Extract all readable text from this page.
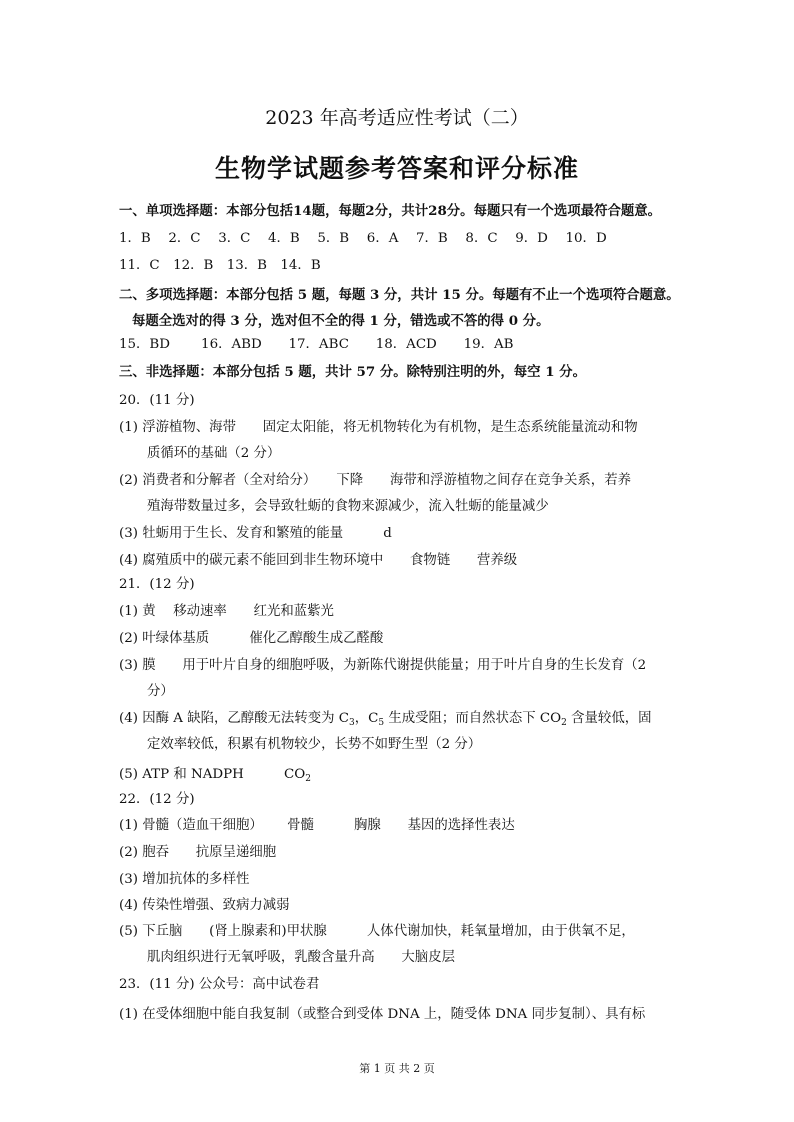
2023 年高考适应性考试（二）
生物学试题参考答案和评分标准
一、单项选择题：本部分包括14题，每题2分，共计28分。每题只有一个选项最符合题意。
1．B　 2．C　 3．C　 4．B　 5．B　 6．A　 7．B　 8．C　 9．D　 10．D
11．C　12．B　13．B　14．B
二、多项选择题：本部分包括 5 题，每题 3 分，共计 15 分。每题有不止一个选项符合题意。
每题全选对的得 3 分，选对但不全的得 1 分，错选或不答的得 0 分。
15．BD　　 16．ABD　　17．ABC　　18．ACD　　19．AB
三、非选择题：本部分包括 5 题，共计 57 分。除特别注明的外，每空 1 分。
20．(11 分)
(1) 浮游植物、海带　　固定太阳能，将无机物转化为有机物，是生态系统能量流动和物
质循环的基础（2 分）
(2) 消费者和分解者（全对给分）　　下降　　海带和浮游植物之间存在竞争关系，若养
殖海带数量过多，会导致牡蛎的食物来源减少，流入牡蛎的能量减少
(3) 牡蛎用于生长、发育和繁殖的能量　　　d
(4) 腐殖质中的碳元素不能回到非生物环境中　　食物链　　营养级
21．(12 分)
(1) 黄　 移动速率　　红光和蓝紫光
(2) 叶绿体基质　　　催化乙醇酸生成乙醛酸
(3) 膜　　用于叶片自身的细胞呼吸，为新陈代谢提供能量；用于叶片自身的生长发育（2
分）
(4) 因酶 A 缺陷，乙醇酸无法转变为 $C_3$，$C_5$ 生成受阻；而自然状态下 $CO_2$ 含量较低，固
定效率较低，积累有机物较少，长势不如野生型（2 分）
(5) ATP 和 NADPH　　　$CO_2$
22．(12 分)
(1) 骨髓（造血干细胞）　　 骨髓　　　胸腺　　基因的选择性表达
(2) 胞吞　　抗原呈递细胞
(3) 增加抗体的多样性
(4) 传染性增强、致病力减弱
(5) 下丘脑　　(肾上腺素和)甲状腺　　　人体代谢加快，耗氧量增加，由于供氧不足，
肌肉组织进行无氧呼吸，乳酸含量升高　　大脑皮层
23．(11 分) 公众号：高中试卷君
(1) 在受体细胞中能自我复制（或整合到受体 DNA 上，随受体 DNA 同步复制）、具有标
第 1 页 共 2 页
